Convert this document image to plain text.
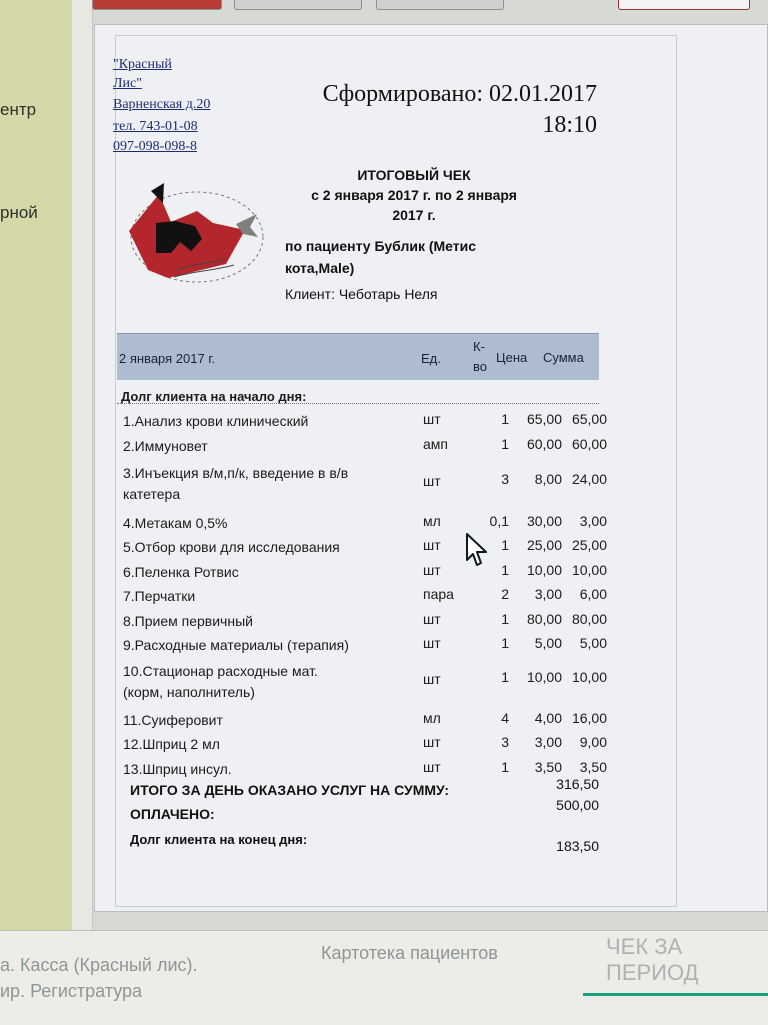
ентр
рной
"Красный
Лис"
Варненская д.20
тел. 743-01-08
097-098-098-8
Сформировано: 02.01.2017
18:10
ИТОГОВЫЙ ЧЕК
с 2 января 2017 г. по 2 января
2017 г.
по пациенту Бублик (Метис
кота,Male)
Клиент: Чеботарь Неля
2 января 2017 г.	Ед.
К-
во
Цена Сумма
Долг клиента на начало дня:
1.Анализ крови клинический	шт	1	65,00 65,00
2.Иммуновет	амп	1	60,00 60,00
3.Инъекция в/м,п/к, введение в в/в
катетера
шт	3	8,00 24,00
4.Метакам 0,5%	мл	0,1	30,00	3,00
5.Отбор крови для исследования	шт	1	25,00 25,00
6.Пеленка Ротвис	шт	1	10,00 10,00
7.Перчатки	пара	2	3,00	6,00
8.Прием первичный	шт	1	80,00 80,00
9.Расходные материалы (терапия)	шт	1	5,00	5,00
10.Стационар расходные мат.
(корм, наполнитель)
шт	1	10,00 10,00
11.Суиферовит	мл	4	4,00 16,00
12.Шприц 2 мл	шт	3	3,00	9,00
13.Шприц инсул.	шт	1	3,50	3,50
ИТОГО ЗА ДЕНЬ ОКАЗАНО УСЛУГ НА СУММУ:	316,50
ОПЛАЧЕНО:
500,00
Долг клиента на конец дня:	183,50
а. Касса (Красный лис).
ир. Регистратура
Картотека пациентов	ЧЕК ЗА ПЕРИОД
